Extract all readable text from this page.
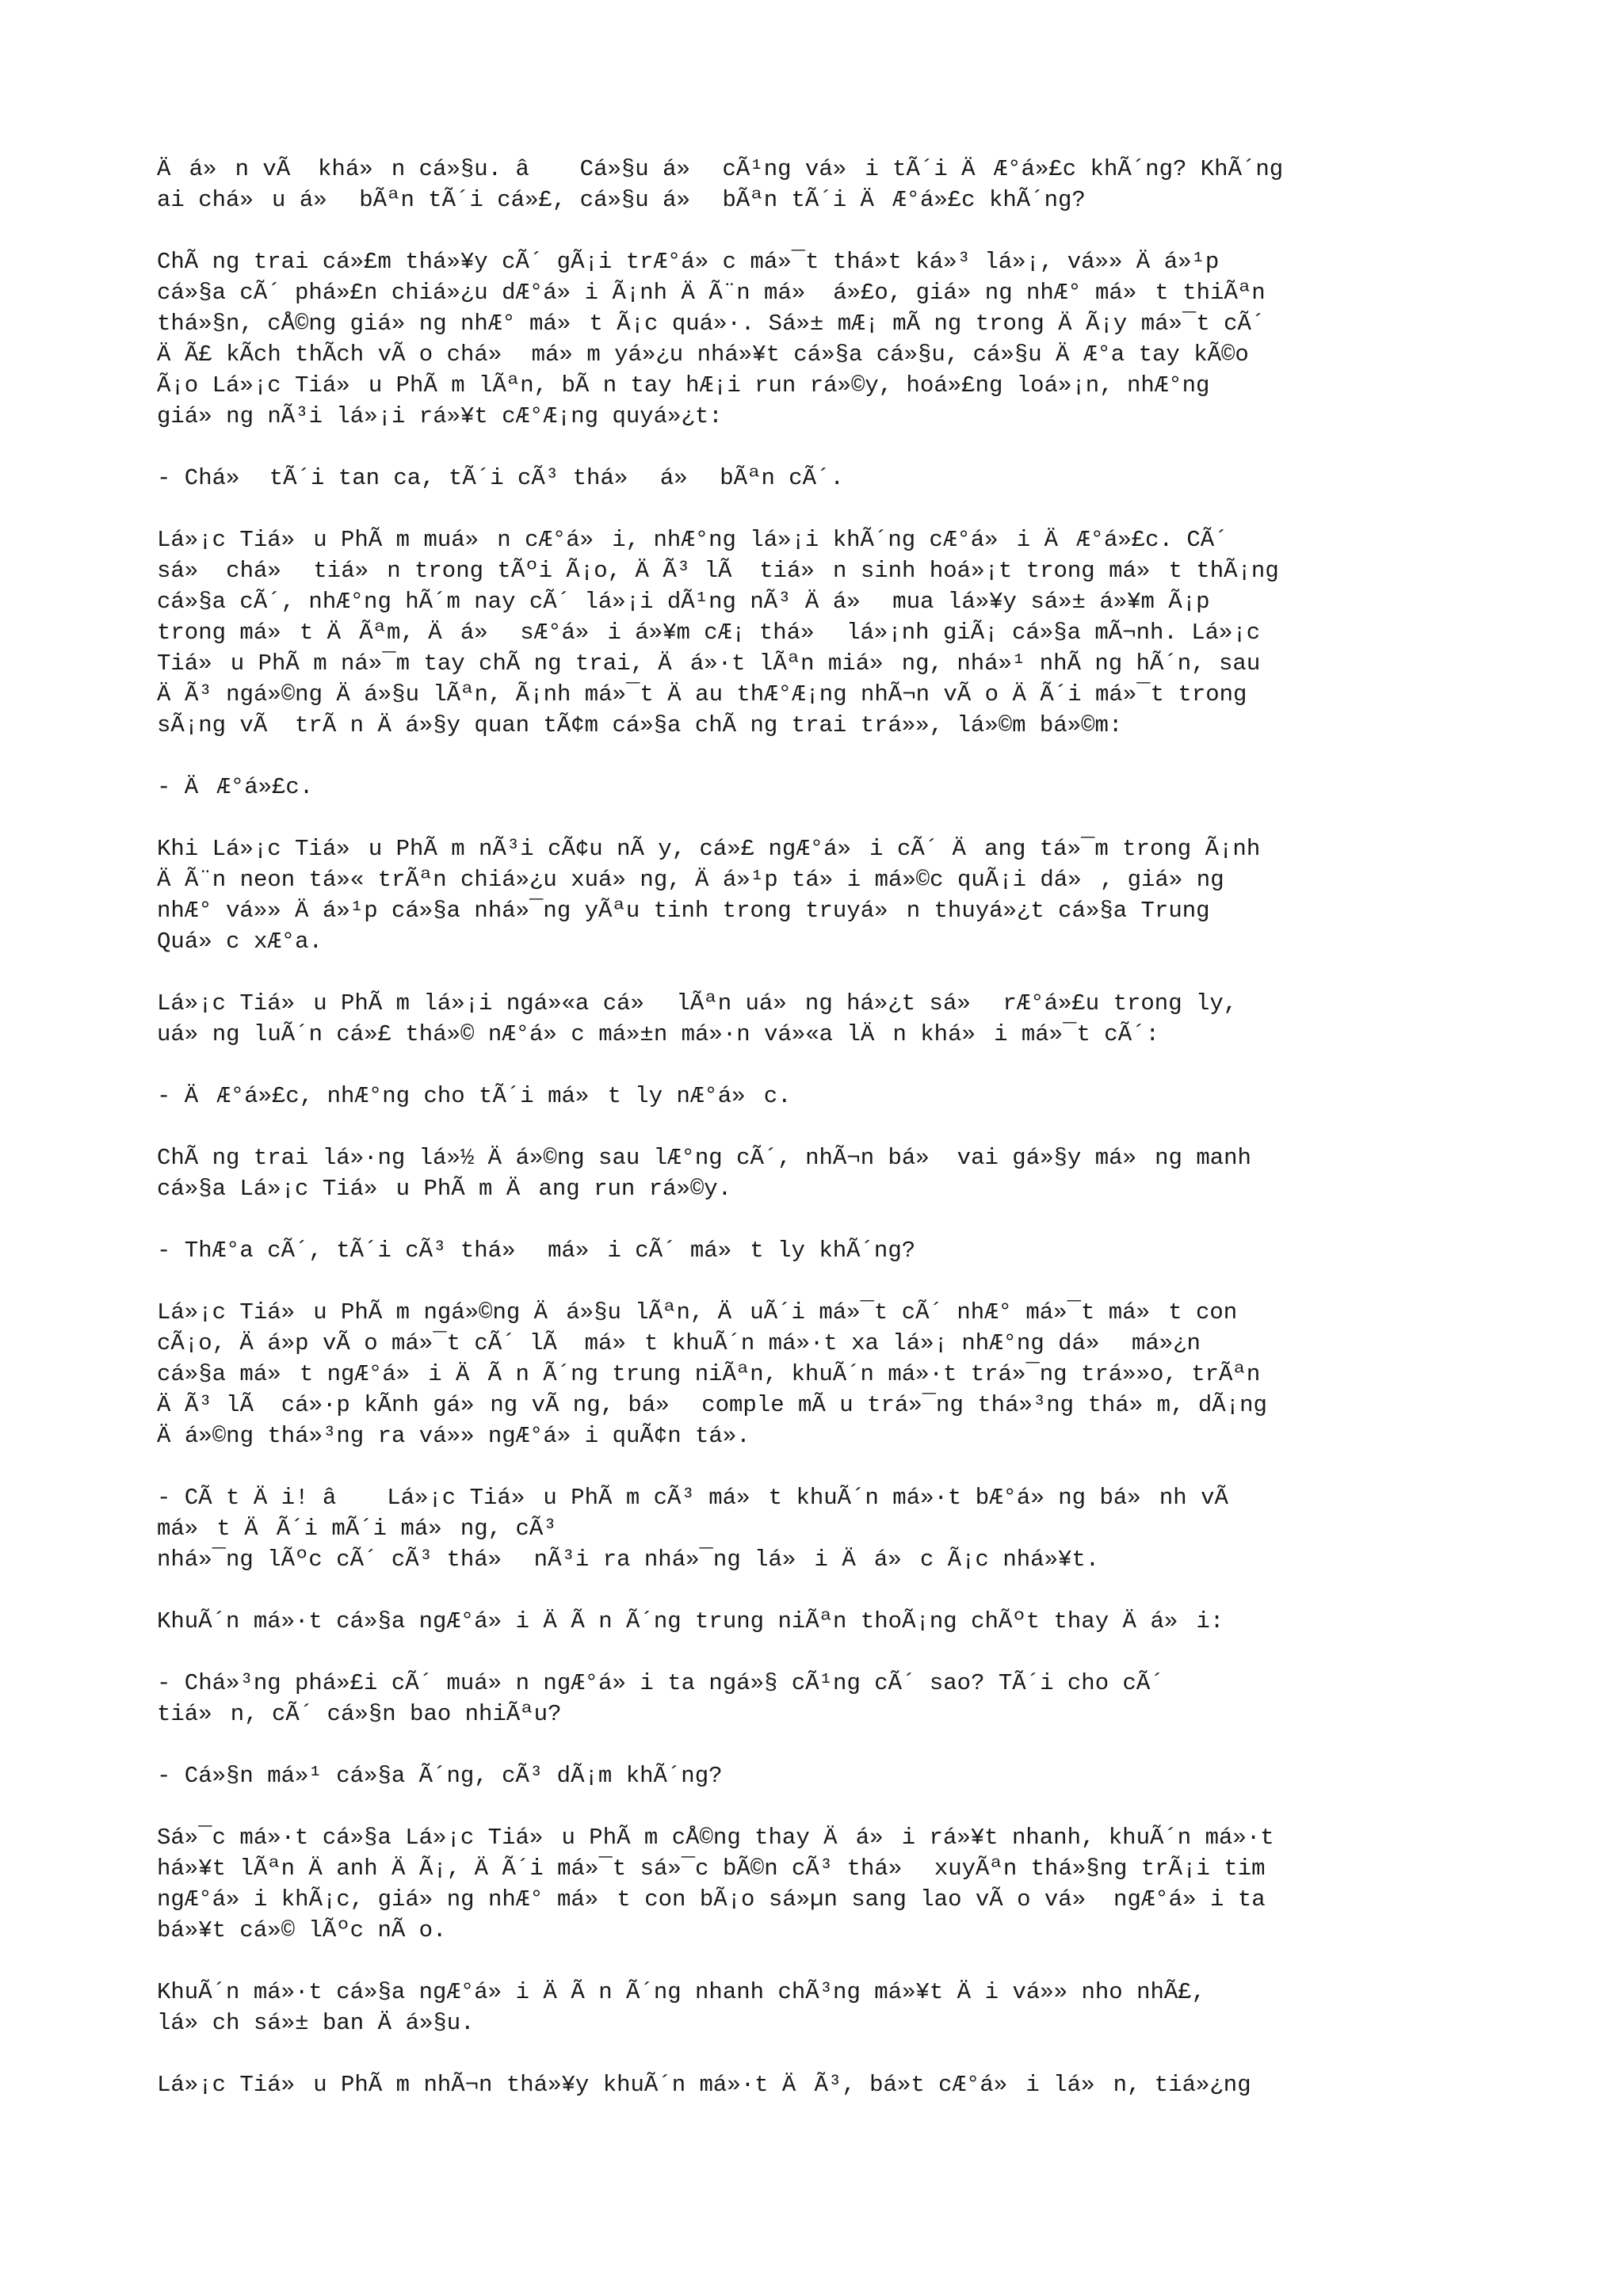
Äá»n vÃ  khá»n cá»§u. â Cá»§u á» cÃ¹ng vá»i tÃ´i ÄÆ°á»£c khÃ´ng? KhÃ´ng
ai chá»u á» bÃªn tÃ´i cá»£, cá»§u á» bÃªn tÃ´i ÄÆ°á»£c khÃ´ng?

ChÃ ng trai cá»£m thá»¥y cÃ´ gÃ¡i trÆ°á»c má»¯t thá»t ká»³ lá»¡, vá»» Äá»¹p
cá»§a cÃ´ phá»£n chiá»¿u dÆ°á»i Ã¡nh ÄÃ¨n má» á»£o, giá»ng nhÆ° má»t thiÃªn
thá»§n, cÅ©ng giá»ng nhÆ° má»t Ã¡c quá»·. Sá»± mÆ¡ mÃ ng trong ÄÃ¡y má»¯t cÃ´
ÄÃ£ kÃch thÃch vÃ o chá» má»m yá»¿u nhá»¥t cá»§a cá»§u, cá»§u ÄÆ°a tay kÃ©o
Ã¡o Lá»¡c Tiá»u PhÃ m lÃªn, bÃ n tay hÆ¡i run rá»©y, hoá»£ng loá»¡n, nhÆ°ng
giá»ng nÃ³i lá»¡i rá»¥t cÆ°Æ¡ng quyá»¿t:

- Chá» tÃ´i tan ca, tÃ´i cÃ³ thá» á» bÃªn cÃ´.

Lá»¡c Tiá»u PhÃ m muá»n cÆ°á»i, nhÆ°ng lá»¡i khÃ´ng cÆ°á»i ÄÆ°á»£c. CÃ´
sá» chá» tiá»n trong tÃºi Ã¡o, ÄÃ³ lÃ  tiá»n sinh hoá»¡t trong má»t thÃ¡ng
cá»§a cÃ´, nhÆ°ng hÃ´m nay cÃ´ lá»¡i dÃ¹ng nÃ³ Äá» mua lá»¥y sá»± á»¥m Ã¡p
trong má»t ÄÃªm, Äá» sÆ°á»i á»¥m cÆ¡ thá» lá»¡nh giÃ¡ cá»§a mÃ¬nh. Lá»¡c
Tiá»u PhÃ m ná»¯m tay chÃ ng trai, Äá»·t lÃªn miá»ng, nhá»¹ nhÃ ng hÃ´n, sau
ÄÃ³ ngá»©ng Äá»§u lÃªn, Ã¡nh má»¯t Äau thÆ°Æ¡ng nhÃ¬n vÃ o ÄÃ´i má»¯t trong
sÃ¡ng vÃ  trÃ n Äá»§y quan tÃ¢m cá»§a chÃ ng trai trá»», lá»©m bá»©m:

- ÄÆ°á»£c.

Khi Lá»¡c Tiá»u PhÃ m nÃ³i cÃ¢u nÃ y, cá»£ ngÆ°á»i cÃ´ Äang tá»¯m trong Ã¡nh
ÄÃ¨n neon tá»« trÃªn chiá»¿u xuá»ng, Äá»¹p tá»i má»©c quÃ¡i dá», giá»ng
nhÆ° vá»» Äá»¹p cá»§a nhá»¯ng yÃªu tinh trong truyá»n thuyá»¿t cá»§a Trung
Quá»c xÆ°a.

Lá»¡c Tiá»u PhÃ m lá»¡i ngá»«a cá» lÃªn uá»ng há»¿t sá» rÆ°á»£u trong ly,
uá»ng luÃ´n cá»£ thá»© nÆ°á»c má»±n má»·n vá»«a lÄn khá»i má»¯t cÃ´:

- ÄÆ°á»£c, nhÆ°ng cho tÃ´i má»t ly nÆ°á»c.

ChÃ ng trai lá»·ng lá»½ Äá»©ng sau lÆ°ng cÃ´, nhÃ¬n bá» vai gá»§y má»ng manh
cá»§a Lá»¡c Tiá»u PhÃ m Äang run rá»©y.

- ThÆ°a cÃ´, tÃ´i cÃ³ thá» má»i cÃ´ má»t ly khÃ´ng?

Lá»¡c Tiá»u PhÃ m ngá»©ng Äá»§u lÃªn, ÄuÃ´i má»¯t cÃ´ nhÆ° má»¯t má»t con
cÃ¡o, Äá»p vÃ o má»¯t cÃ´ lÃ  má»t khuÃ´n má»·t xa lá»¡ nhÆ°ng dá» má»¿n
cá»§a má»t ngÆ°á»i ÄÃ n Ã´ng trung niÃªn, khuÃ´n má»·t trá»¯ng trá»»o, trÃªn
ÄÃ³ lÃ  cá»·p kÃnh gá»ng vÃ ng, bá» comple mÃ u trá»¯ng thá»³ng thá»m, dÃ¡ng
Äá»©ng thá»³ng ra vá»» ngÆ°á»i quÃ¢n tá».

- CÃ t Äi! â Lá»¡c Tiá»u PhÃ m cÃ³ má»t khuÃ´n má»·t bÆ°á»ng bá»nh vÃ
má»t ÄÃ´i mÃ´i má»ng, cÃ³
nhá»¯ng lÃºc cÃ´ cÃ³ thá» nÃ³i ra nhá»¯ng lá»i Äá»c Ã¡c nhá»¥t.

KhuÃ´n má»·t cá»§a ngÆ°á»i ÄÃ n Ã´ng trung niÃªn thoÃ¡ng chÃºt thay Äá»i:

- Chá»³ng phá»£i cÃ´ muá»n ngÆ°á»i ta ngá»§ cÃ¹ng cÃ´ sao? TÃ´i cho cÃ´
tiá»n, cÃ´ cá»§n bao nhiÃªu?

- Cá»§n má»¹ cá»§a Ã´ng, cÃ³ dÃ¡m khÃ´ng?

Sá»¯c má»·t cá»§a Lá»¡c Tiá»u PhÃ m cÅ©ng thay Äá»i rá»¥t nhanh, khuÃ´n má»·t
há»¥t lÃªn Äanh ÄÃ¡, ÄÃ´i má»¯t sá»¯c bÃ©n cÃ³ thá» xuyÃªn thá»§ng trÃ¡i tim
ngÆ°á»i khÃ¡c, giá»ng nhÆ° má»t con bÃ¡o sá»µn sang lao vÃ o vá» ngÆ°á»i ta
bá»¥t cá»© lÃºc nÃ o.

KhuÃ´n má»·t cá»§a ngÆ°á»i ÄÃ n Ã´ng nhanh chÃ³ng má»¥t Äi vá»» nho nhÃ£,
lá»ch sá»± ban Äá»§u.

Lá»¡c Tiá»u PhÃ m nhÃ¬n thá»¥y khuÃ´n má»·t ÄÃ³, bá»t cÆ°á»i lá»n, tiá»¿ng
